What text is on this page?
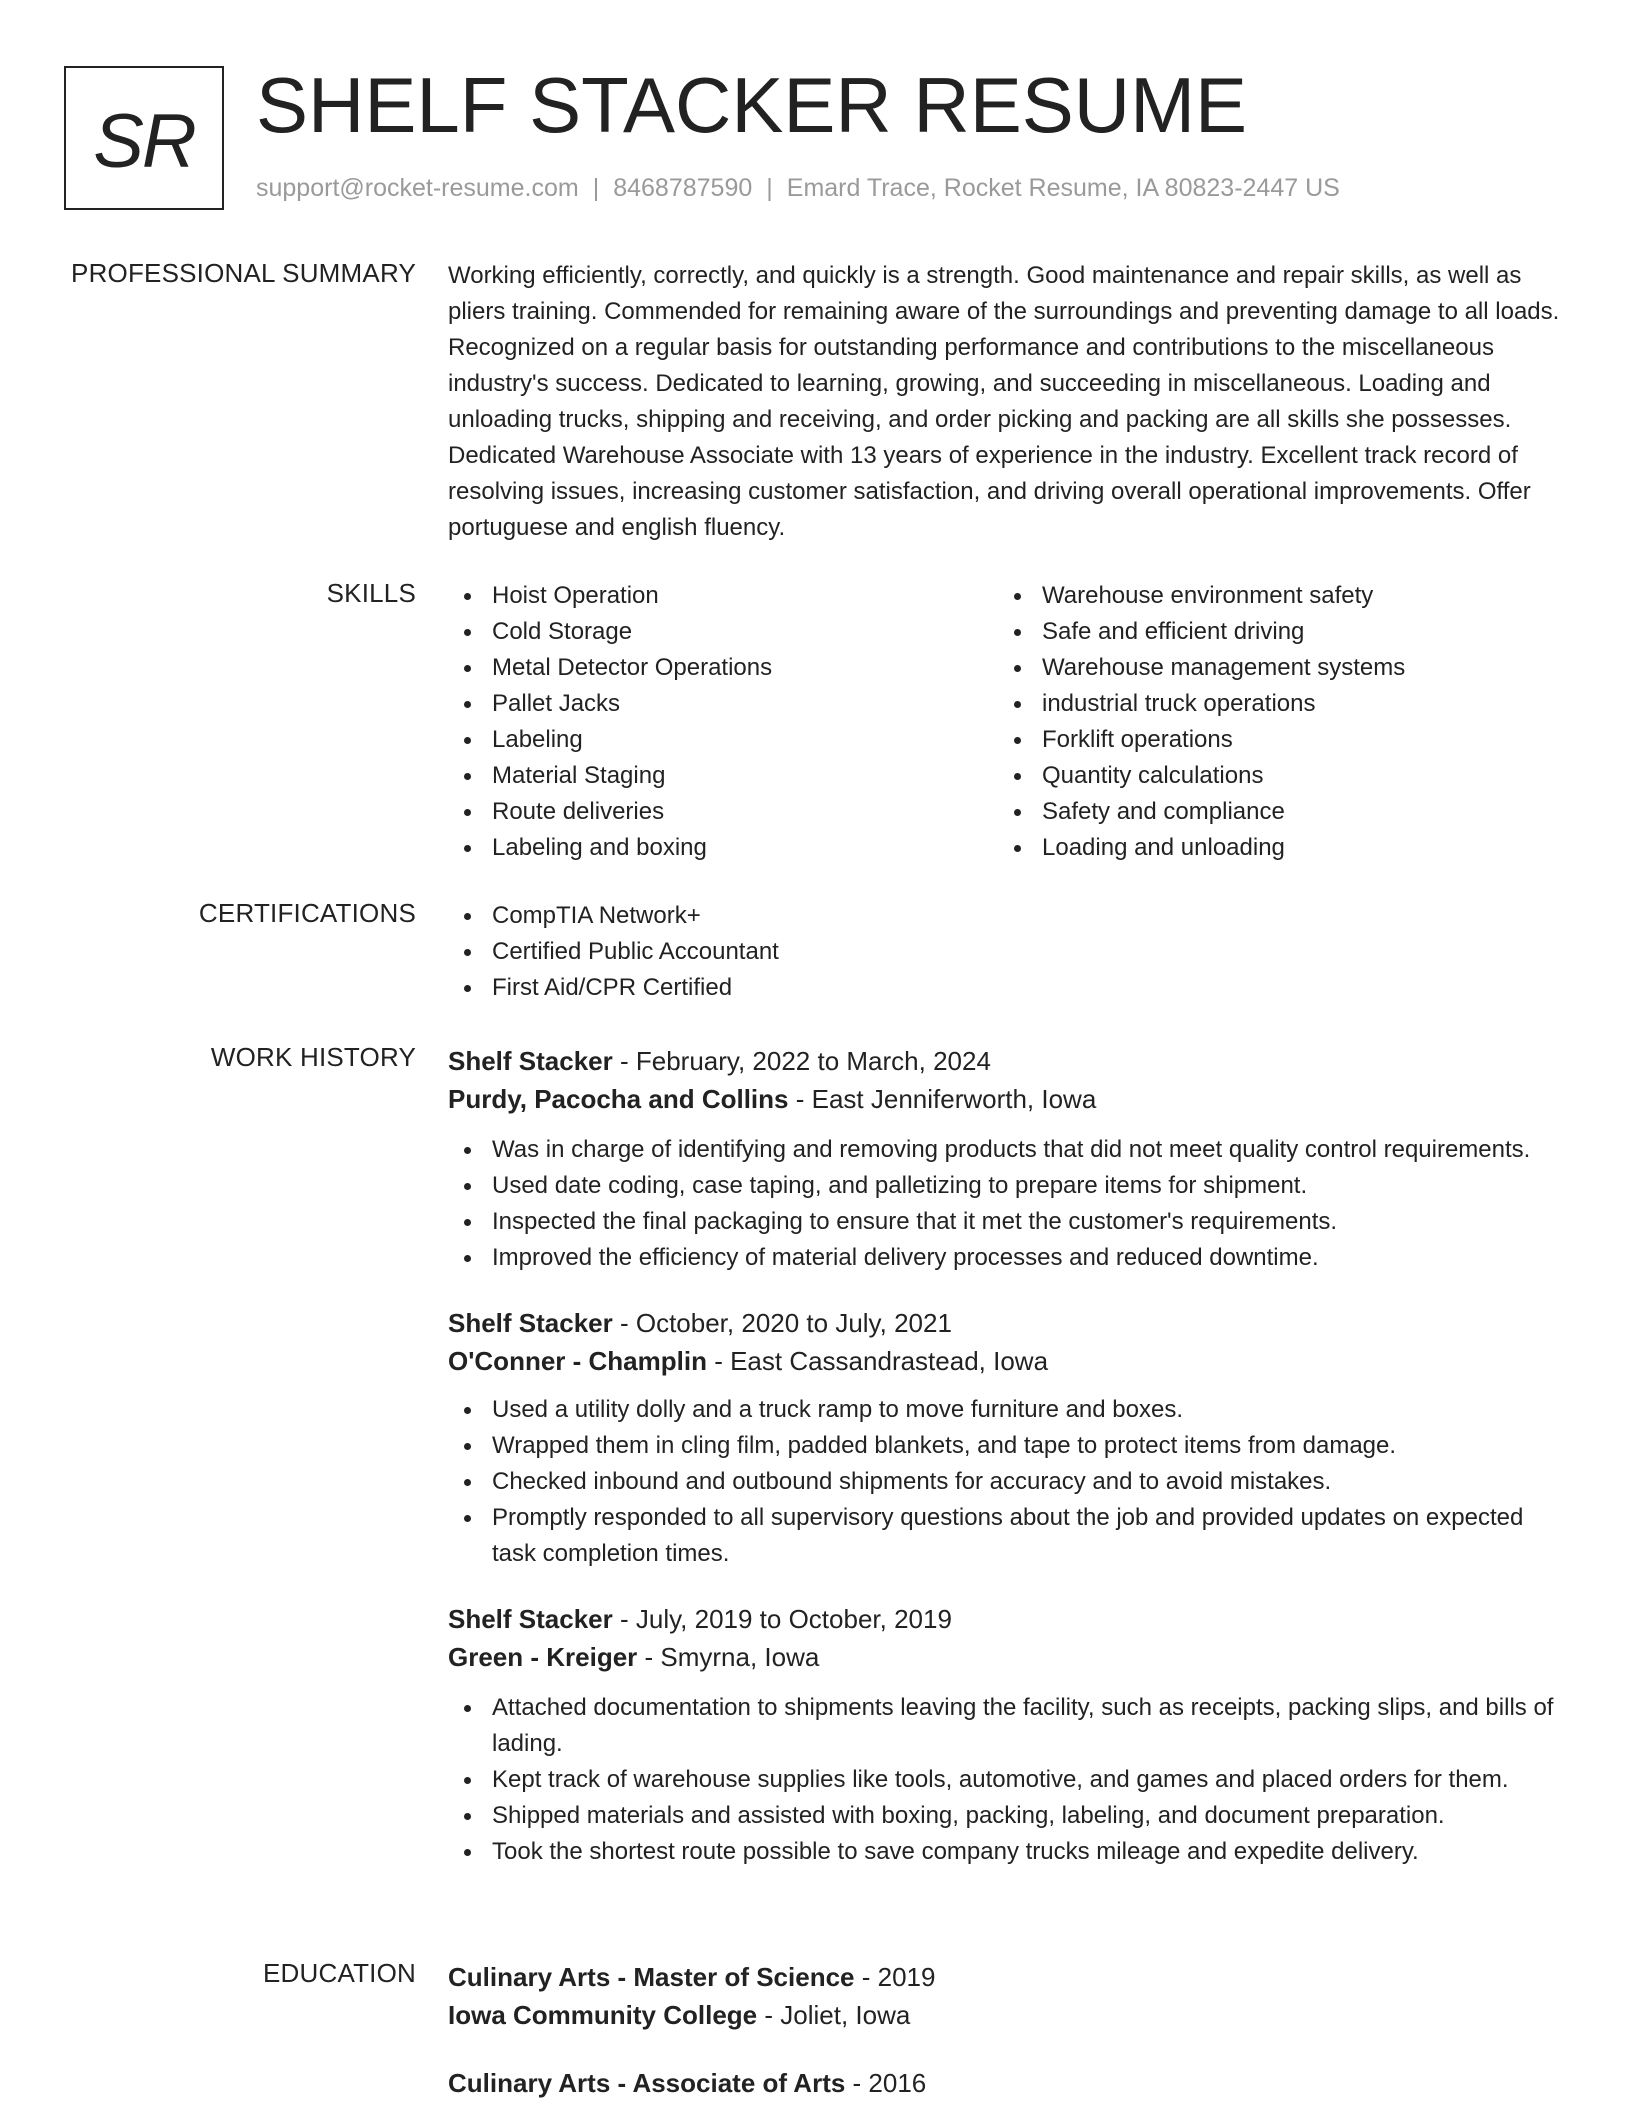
SR SHELF STACKER RESUME
support@rocket-resume.com | 8468787590 | Emard Trace, Rocket Resume, IA 80823-2447 US
PROFESSIONAL SUMMARY Working efficiently, correctly, and quickly is a strength. Good maintenance and repair skills, as well as pliers training. Commended for remaining aware of the surroundings and preventing damage to all loads. Recognized on a regular basis for outstanding performance and contributions to the miscellaneous industry's success. Dedicated to learning, growing, and succeeding in miscellaneous. Loading and unloading trucks, shipping and receiving, and order picking and packing are all skills she possesses. Dedicated Warehouse Associate with 13 years of experience in the industry. Excellent track record of resolving issues, increasing customer satisfaction, and driving overall operational improvements. Offer portuguese and english fluency.
SKILLS	Hoist Operation
Cold Storage
Metal Detector Operations
Pallet Jacks
Labeling
Material Staging
Route deliveries
Labeling and boxing
Warehouse environment safety
Safe and efficient driving
Warehouse management systems
industrial truck operations
Forklift operations
Quantity calculations
Safety and compliance
Loading and unloading
CERTIFICATIONS	CompTIA Network+
Certified Public Accountant
First Aid/CPR Certified
WORK HISTORY Shelf Stacker - February, 2022 to March, 2024
Purdy, Pacocha and Collins - East Jenniferworth, Iowa
Was in charge of identifying and removing products that did not meet quality control requirements.
Used date coding, case taping, and palletizing to prepare items for shipment.
Inspected the final packaging to ensure that it met the customer's requirements.
Improved the efficiency of material delivery processes and reduced downtime.
Shelf Stacker - October, 2020 to July, 2021
O'Conner - Champlin - East Cassandrastead, Iowa
Used a utility dolly and a truck ramp to move furniture and boxes.
Wrapped them in cling film, padded blankets, and tape to protect items from damage.
Checked inbound and outbound shipments for accuracy and to avoid mistakes.
Promptly responded to all supervisory questions about the job and provided updates on expected task completion times.
Shelf Stacker - July, 2019 to October, 2019
Green - Kreiger - Smyrna, Iowa
Attached documentation to shipments leaving the facility, such as receipts, packing slips, and bills of lading.
Kept track of warehouse supplies like tools, automotive, and games and placed orders for them.
Shipped materials and assisted with boxing, packing, labeling, and document preparation.
Took the shortest route possible to save company trucks mileage and expedite delivery.
EDUCATION Culinary Arts - Master of Science - 2019
Iowa Community College - Joliet, Iowa
Culinary Arts - Associate of Arts - 2016
